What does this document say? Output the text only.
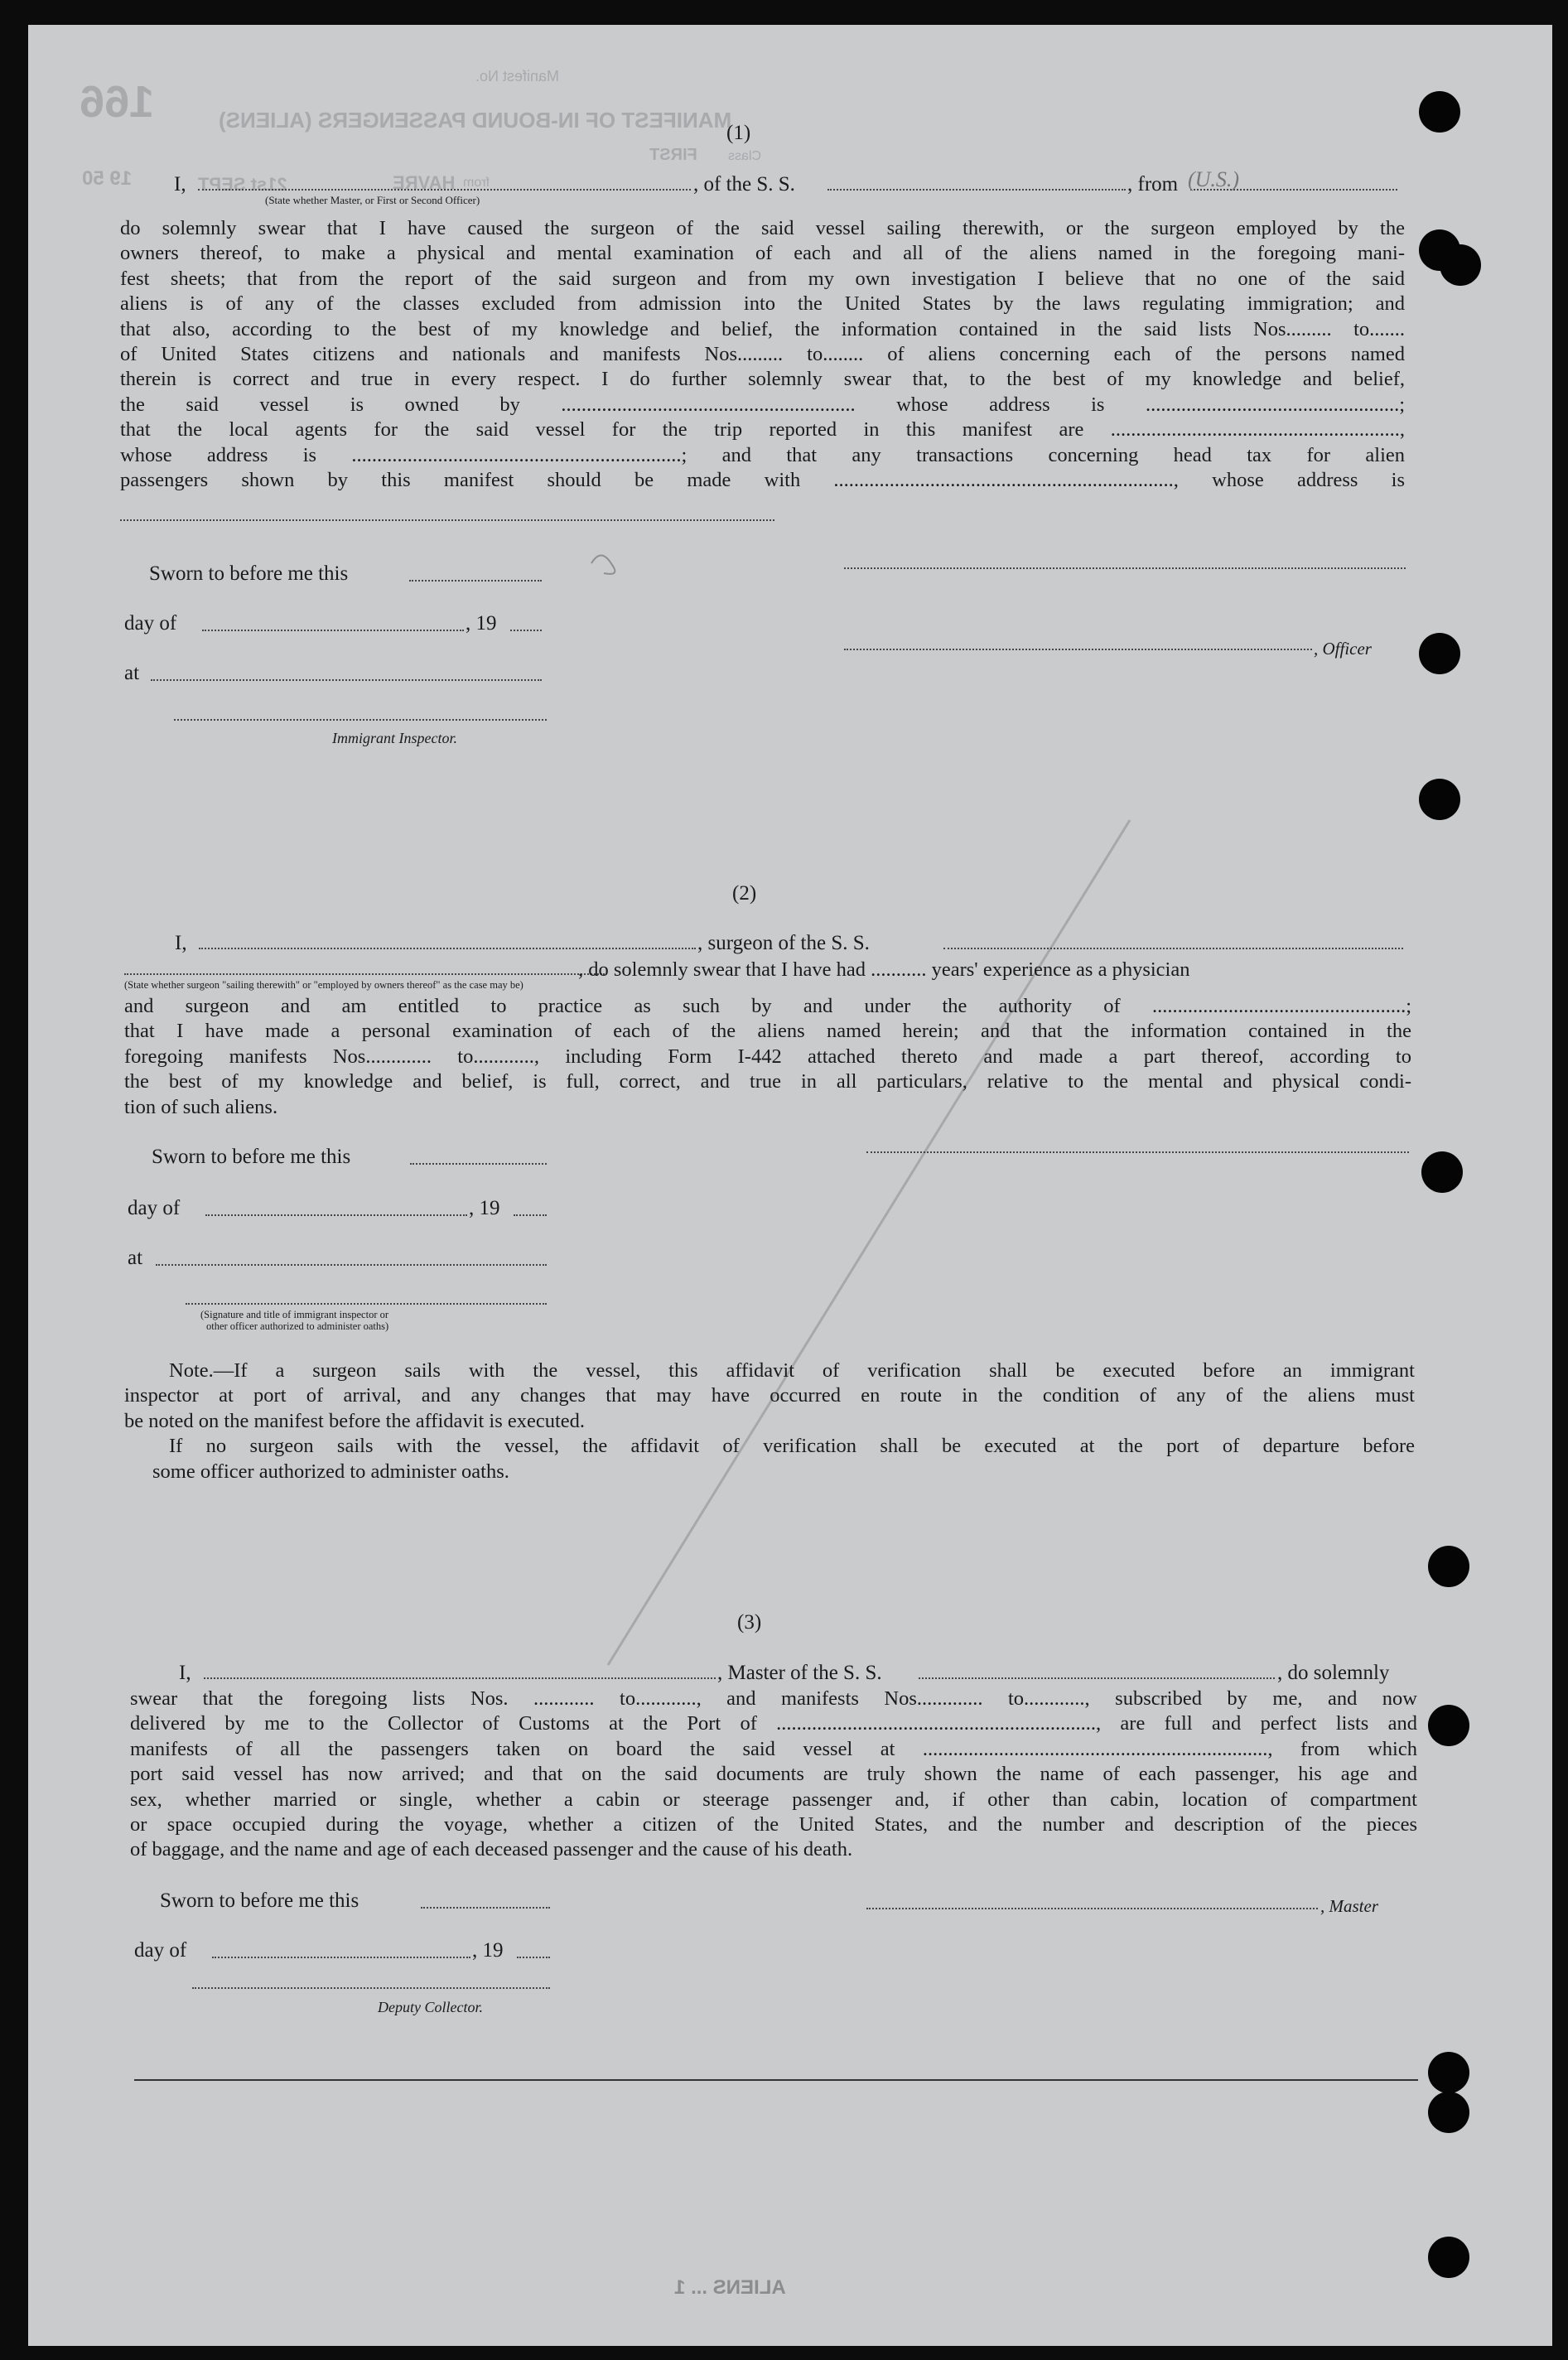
166
Manifest No.
MANIFEST OF IN-BOUND PASSENGERS (ALIENS)
Class
FIRST
from
HAVRE
21st SEPT
19 50
(1)
I,
(State whether Master, or First or Second Officer)
, of the S. S.	, from (U.S.)
do solemnly swear that I have caused the surgeon of the said vessel sailing therewith, or the surgeon employed by the
owners thereof, to make a physical and mental examination of each and all of the aliens named in the foregoing mani-
fest sheets; that from the report of the said surgeon and from my own investigation I believe that no one of the said
aliens is of any of the classes excluded from admission into the United States by the laws regulating immigration; and
that also, according to the best of my knowledge and belief, the information contained in the said lists Nos......... to.......
of United States citizens and nationals and manifests Nos......... to........ of aliens concerning each of the persons named
therein is correct and true in every respect. I do further solemnly swear that, to the best of my knowledge and belief,
the said vessel is owned by .......................................................... whose address is ..................................................;
that the local agents for the said vessel for the trip reported in this manifest are .........................................................,
whose address is .................................................................; and that any transactions concerning head tax for alien
passengers shown by this manifest should be made with ..................................................................., whose address is
Sworn to before me this
day of	, 19
at
Immigrant Inspector.
, Officer
(2)
I,	, surgeon of the S. S.
, do solemnly swear that I have had ........... years' experience as a physician
(State whether surgeon "sailing therewith" or "employed by owners thereof" as the case may be)
and surgeon and am entitled to practice as such by and under the authority of ..................................................;
that I have made a personal examination of each of the aliens named herein; and that the information contained in the
foregoing manifests Nos............. to............, including Form I-442 attached thereto and made a part thereof, according to
the best of my knowledge and belief, is full, correct, and true in all particulars, relative to the mental and physical condi-
tion of such aliens.
Sworn to before me this
day of	, 19
at
(Signature and title of immigrant inspector or
other officer authorized to administer oaths)
Note.—If a surgeon sails with the vessel, this affidavit of verification shall be executed before an immigrant
inspector at port of arrival, and any changes that may have occurred en route in the condition of any of the aliens must
be noted on the manifest before the affidavit is executed.
If no surgeon sails with the vessel, the affidavit of verification shall be executed at the port of departure before
some officer authorized to administer oaths.
(3)
I,	, Master of the S. S.	, do solemnly
swear that the foregoing lists Nos. ............ to............, and manifests Nos............. to............, subscribed by me, and now
delivered by me to the Collector of Customs at the Port of ..............................................................., are full and perfect lists and
manifests of all the passengers taken on board the said vessel at ...................................................................., from which
port said vessel has now arrived; and that on the said documents are truly shown the name of each passenger, his age and
sex, whether married or single, whether a cabin or steerage passenger and, if other than cabin, location of compartment
or space occupied during the voyage, whether a citizen of the United States, and the number and description of the pieces
of baggage, and the name and age of each deceased passenger and the cause of his death.
Sworn to before me this
day of	, 19
Deputy Collector.
, Master
ALIENS ... 1
